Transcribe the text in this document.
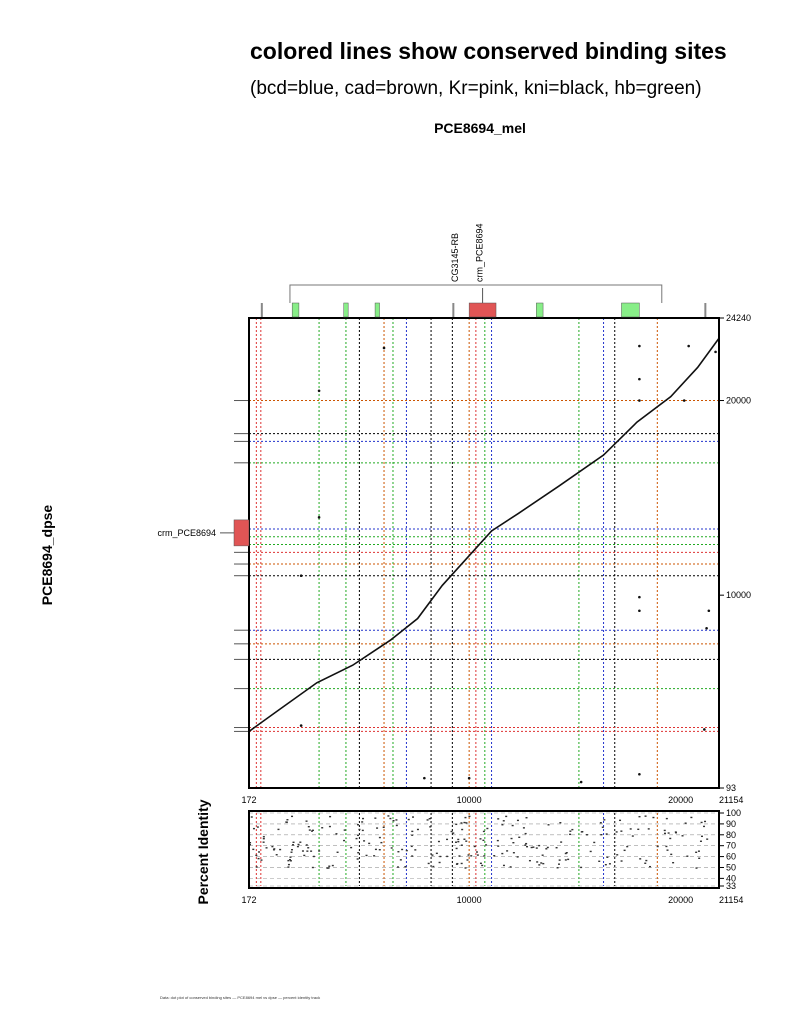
colored lines show conserved binding sites
(bcd=blue, cad=brown, Kr=pink, kni=black, hb=green)
PCE8694_mel
CG3145-RB crm_PCE8694
crm_PCE8694
172
172
10000
10000
20000
20000
21154
21154
93
10000
20000
24240
PCE8694_dpse
100
90
80
70
60
50
40
33
Percent Identity
Data: dot plot of conserved binding sites — PCE8694 mel vs dpse — percent identity track
